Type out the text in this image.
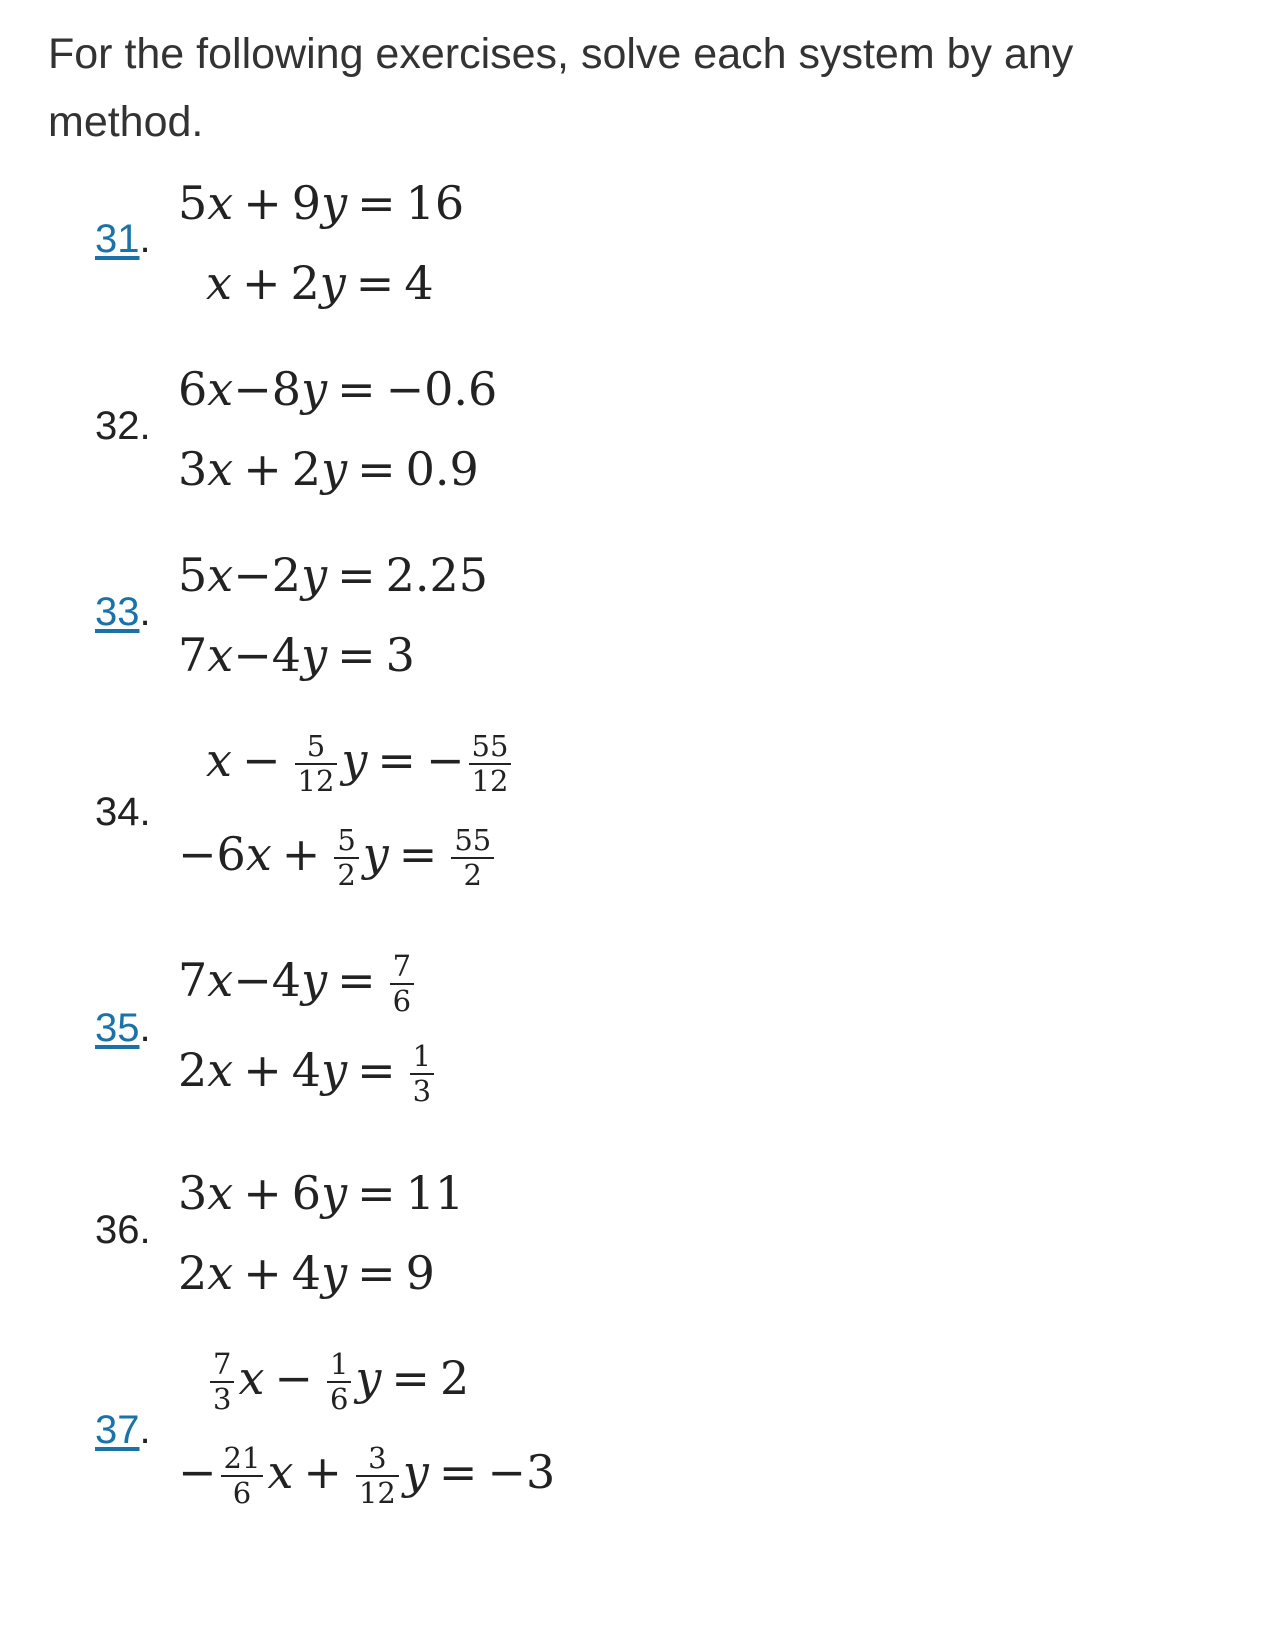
For the following exercises, solve each system by any method.

31.
5x + 9y = 16
x + 2y = 4
32.
6x−8y = −0.6
3x + 2y = 0.9
33.
5x−2y = 2.25
7x−4y = 3
34.
$x - \frac{5}{12}$ y = − $\frac{55}{12}$
$-6x + \frac{5}{2}$ $y = \frac{55}{2}$
35.
$7x-4y = \frac{7}{6}$
$2x + 4y = \frac{1}{3}$
36.
3x + 6y = 11
2x + 4y = 9
37.
$\frac{7}{3}$ $x - \frac{1}{6}$ y = 2
− $\frac{21}{6}$ $x + \frac{3}{12}$ y = −3
